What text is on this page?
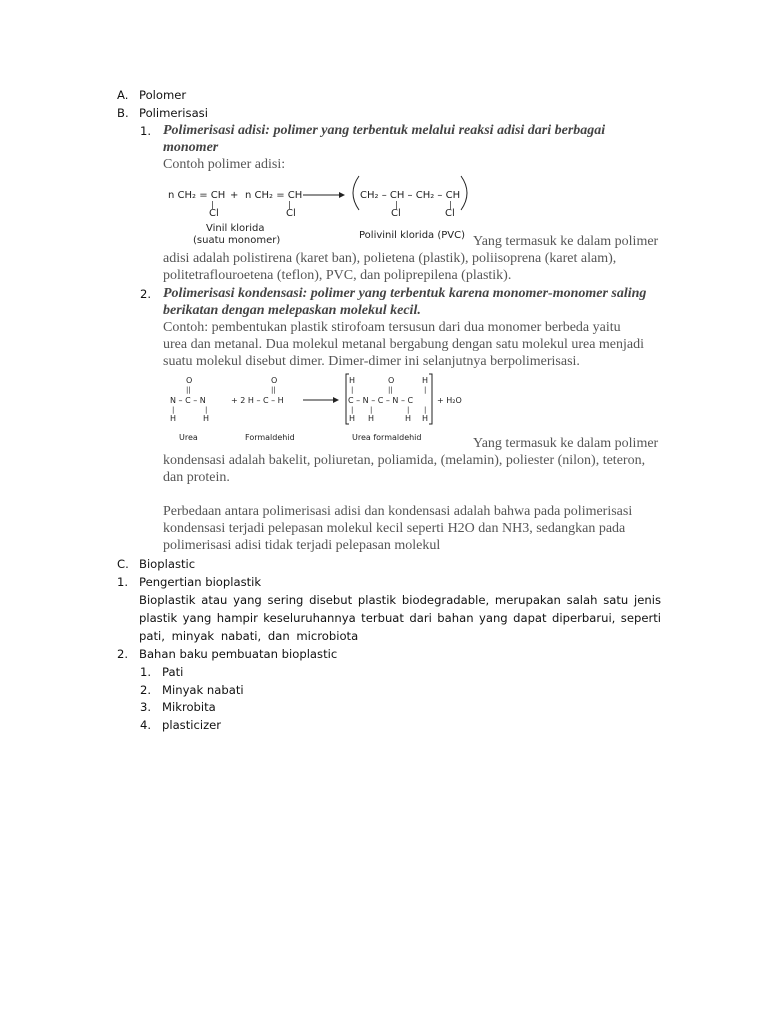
A. Polomer
B. Polimerisasi
1. Polimerisasi adisi: polimer yang terbentuk melalui reaksi adisi dari berbagai
monomer
Contoh polimer adisi:
n CH₂ = CH + n CH₂ = CH
|
Cl
|
Cl
CH₂ – CH – CH₂ – CH
|
Cl
|
Cl
Vinil klorida
(suatu monomer)	Polivinil klorida (PVC) Yang termasuk ke dalam polimer
adisi adalah polistirena (karet ban), polietena (plastik), poliisoprena (karet alam),
politetraflouroetena (teflon), PVC, dan poliprepilena (plastik).
2. Polimerisasi kondensasi: polimer yang terbentuk karena monomer-monomer saling
berikatan dengan melepaskan molekul kecil.
Contoh: pembentukan plastik stirofoam tersusun dari dua monomer berbeda yaitu
urea dan metanal. Dua molekul metanal bergabung dengan satu molekul urea menjadi
suatu molekul disebut dimer. Dimer-dimer ini selanjutnya berpolimerisasi.
O
||
N – C – N
|	|
H	H
O
||
+ 2 H – C – H
H	O	H
|	||	|
C – N – C – N – C
| |	| |
H H	H H
+ H₂O
Urea	Formaldehid	Urea formaldehid	Yang termasuk ke dalam polimer
kondensasi adalah bakelit, poliuretan, poliamida, (melamin), poliester (nilon), teteron,
dan protein.
Perbedaan antara polimerisasi adisi dan kondensasi adalah bahwa pada polimerisasi
kondensasi terjadi pelepasan molekul kecil seperti H2O dan NH3, sedangkan pada
polimerisasi adisi tidak terjadi pelepasan molekul
C. Bioplastic
1. Pengertian bioplastik
Bioplastik atau yang sering disebut plastik biodegradable, merupakan salah satu jenis
plastik yang hampir keseluruhannya terbuat dari bahan yang dapat diperbarui, seperti
pati, minyak nabati, dan microbiota
2. Bahan baku pembuatan bioplastic
1. Pati
2. Minyak nabati
3. Mikrobita
4. plasticizer
